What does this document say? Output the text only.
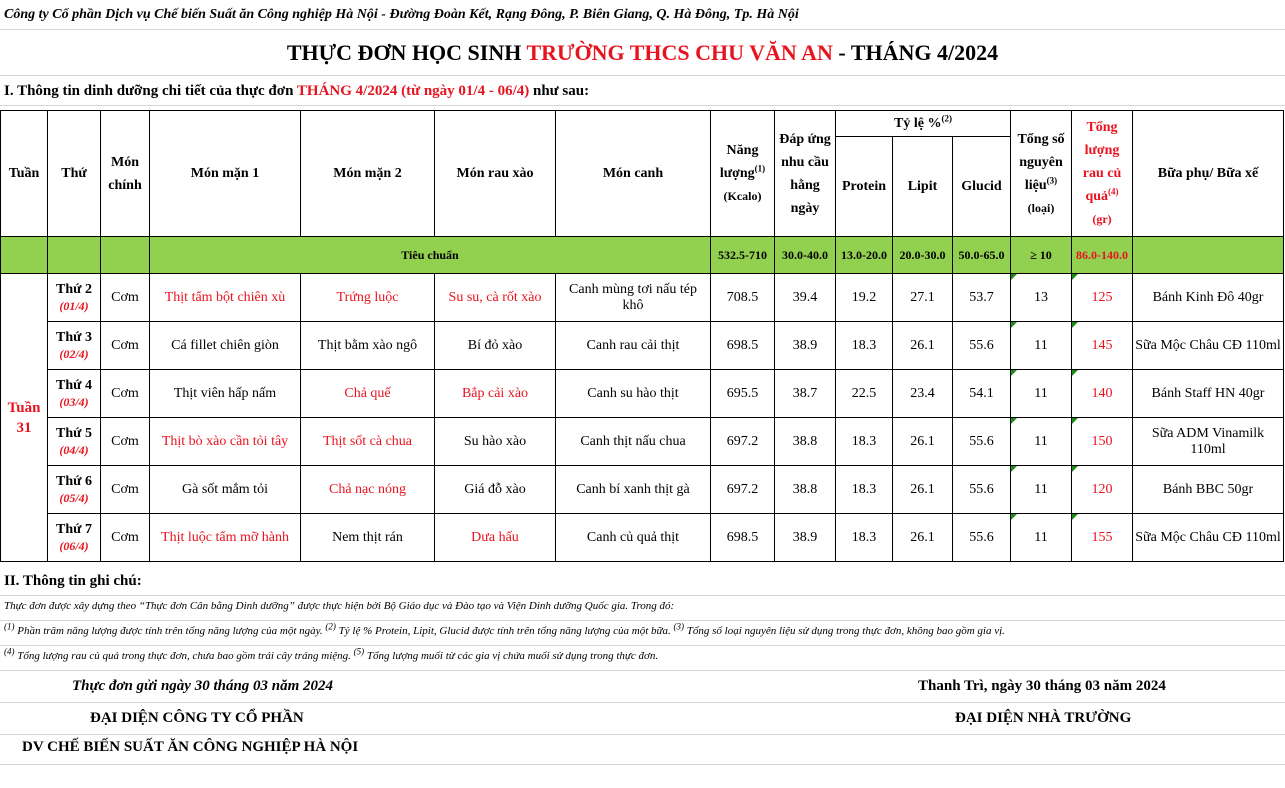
Công ty Cổ phần Dịch vụ Chế biến Suất ăn Công nghiệp Hà Nội - Đường Đoàn Kết, Rạng Đông, P. Biên Giang, Q. Hà Đông, Tp. Hà Nội
THỰC ĐƠN HỌC SINH TRƯỜNG THCS CHU VĂN AN - THÁNG 4/2024
I. Thông tin dinh dưỡng chi tiết của thực đơn THÁNG 4/2024 (từ ngày 01/4 - 06/4) như sau:
Tuần	Thứ	Món chính	Món mặn 1	Món mặn 2	Món rau xào	Món canh	Năng lượng$^{(1)}$
(Kcalo)	Đáp ứng nhu cầu hằng ngày	Tỷ lệ %$^{(2)}$			Tổng số nguyên liệu$^{(3)}$
(loại)	Tổng lượng rau củ quả$^{(4)}$
(gr)	Bữa phụ/ Bữa xế
									Protein	Lipit	Glucid			
			Tiêu chuẩn				532.5-710	30.0-40.0	13.0-20.0	20.0-30.0	50.0-65.0	≥ 10	86.0-140.0	
Tuần 31	Thứ 2
(01/4)	Cơm	Thịt tẩm bột chiên xù	Trứng luộc	Su su, cà rốt xào	Canh mùng tơi nấu tép khô	708.5	39.4	19.2	27.1	53.7	13	125	Bánh Kinh Đô 40gr

	Thứ 3
(02/4)	Cơm	Cá fillet chiên giòn	Thịt bằm xào ngô	Bí đỏ xào	Canh rau cải thịt	698.5	38.9	18.3	26.1	55.6	11	145	Sữa Mộc Châu CĐ 110ml

	Thứ 4
(03/4)	Cơm	Thịt viên hấp nấm	Chả quế	Bắp cải xào	Canh su hào thịt	695.5	38.7	22.5	23.4	54.1	11	140	Bánh Staff HN 40gr

	Thứ 5
(04/4)	Cơm	Thịt bò xào cần tỏi tây	Thịt sốt cà chua	Su hào xào	Canh thịt nấu chua	697.2	38.8	18.3	26.1	55.6	11	150	Sữa ADM Vinamilk 110ml

	Thứ 6
(05/4)	Cơm	Gà sốt mắm tỏi	Chả nạc nóng	Giá đỗ xào	Canh bí xanh thịt gà	697.2	38.8	18.3	26.1	55.6	11	120	Bánh BBC 50gr

	Thứ 7
(06/4)	Cơm	Thịt luộc tẩm mỡ hành	Nem thịt rán	Dưa hấu	Canh củ quả thịt	698.5	38.9	18.3	26.1	55.6	11	155	Sữa Mộc Châu CĐ 110ml
II. Thông tin ghi chú:
Thực đơn được xây dựng theo “Thực đơn Cân bằng Dinh dưỡng” được thực hiện bởi Bộ Giáo dục và Đào tạo và Viện Dinh dưỡng Quốc gia. Trong đó:
$^{(1)}$ Phần trăm năng lượng được tính trên tổng năng lượng của một ngày. $^{(2)}$ Tỷ lệ % Protein, Lipit, Glucid được tính trên tổng năng lượng của một bữa. $^{(3)}$ Tổng số loại nguyên liệu sử dụng trong thực đơn, không bao gồm gia vị.
$^{(4)}$ Tổng lượng rau củ quả trong thực đơn, chưa bao gồm trái cây tráng miệng. $^{(5)}$ Tổng lượng muối từ các gia vị chứa muối sử dụng trong thực đơn.
Thực đơn gửi ngày 30 tháng 03 năm 2024	Thanh Trì, ngày 30 tháng 03 năm 2024
ĐẠI DIỆN CÔNG TY CỔ PHẦN	ĐẠI DIỆN NHÀ TRƯỜNG
DV CHẾ BIẾN SUẤT ĂN CÔNG NGHIỆP HÀ NỘI
